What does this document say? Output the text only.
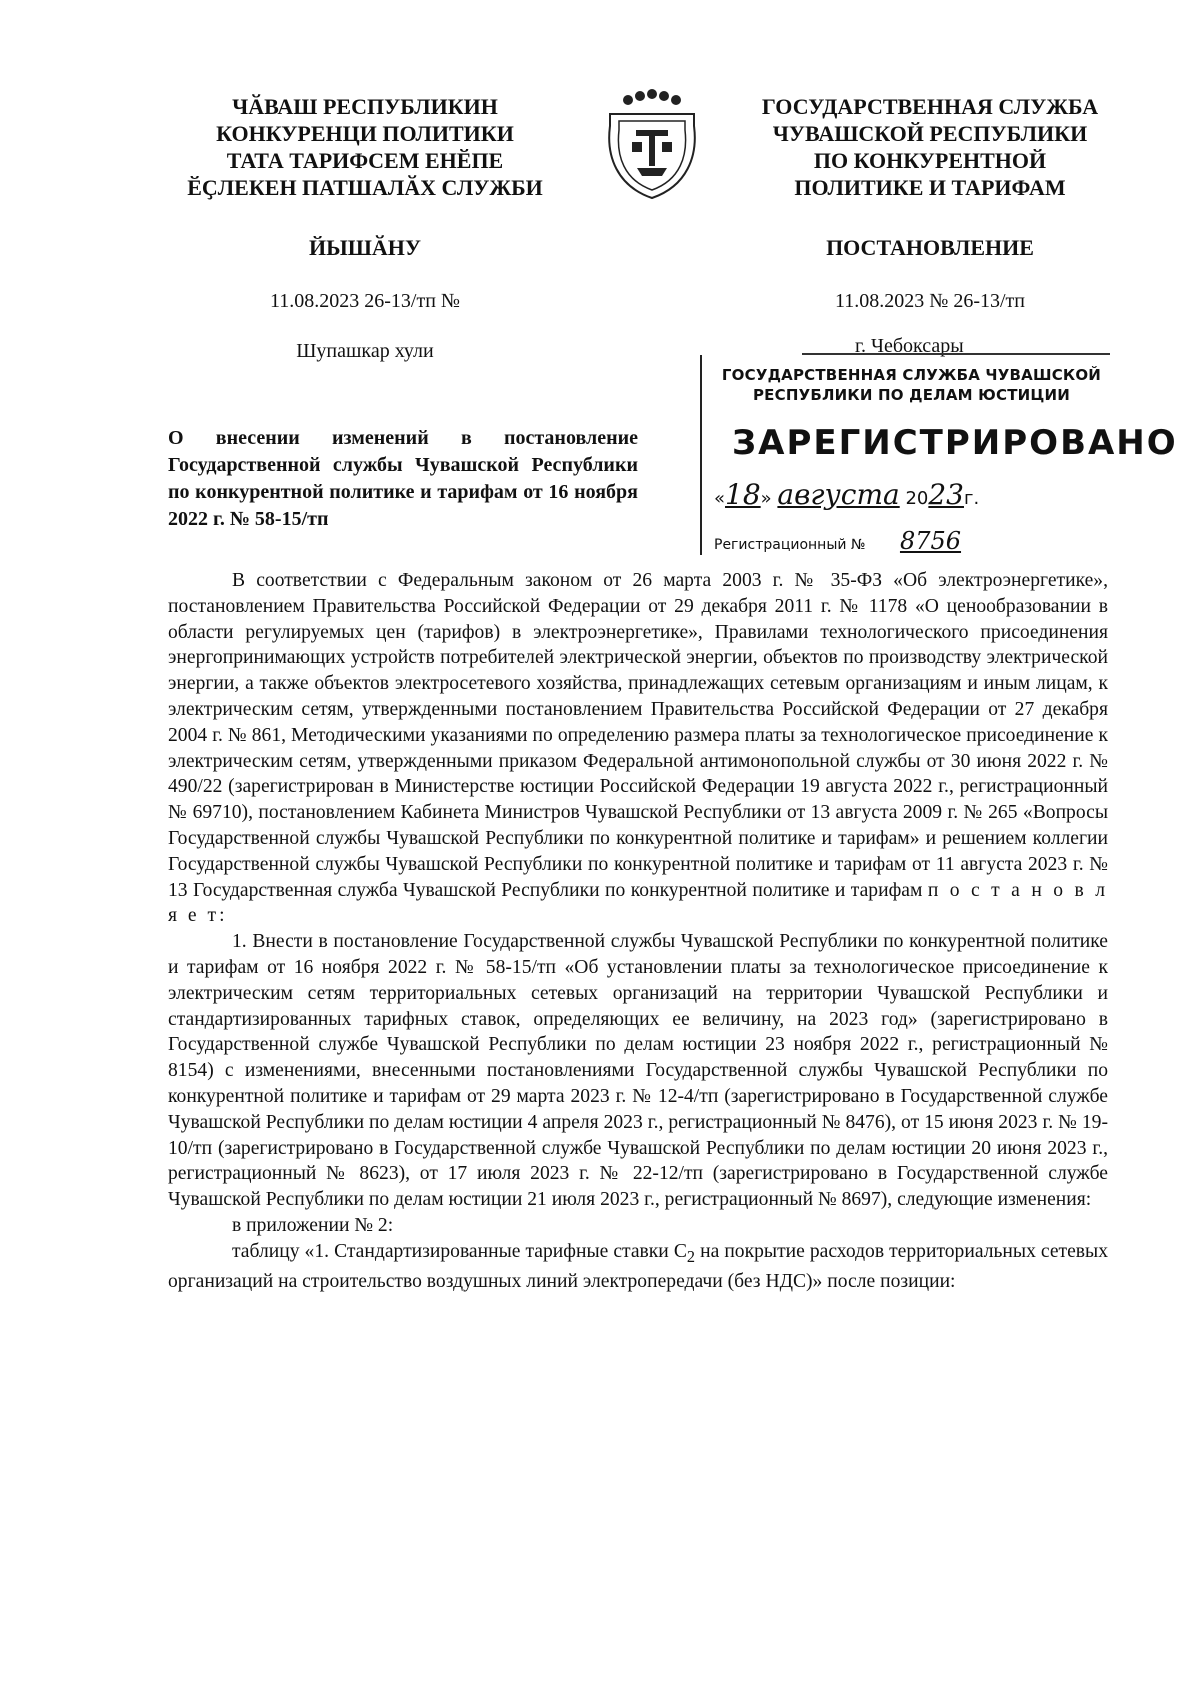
ЧӐВАШ РЕСПУБЛИКИН
КОНКУРЕНЦИ ПОЛИТИКИ
ТАТА ТАРИФСЕМ ЕНӖПЕ
ӖҪЛЕКЕН ПАТШАЛӐХ СЛУЖБИ
ГОСУДАРСТВЕННАЯ СЛУЖБА
ЧУВАШСКОЙ РЕСПУБЛИКИ
ПО КОНКУРЕНТНОЙ
ПОЛИТИКЕ И ТАРИФАМ
ЙЫШӐНУ	ПОСТАНОВЛЕНИЕ
11.08.2023 26-13/тп №	11.08.2023 № 26-13/тп
Шупашкар хули	г. Чебоксары
О внесении изменений в постановление Государственной службы Чувашской Республики по конкурентной политике и тарифам от 16 ноября 2022 г. № 58-15/тп
ГОСУДАРСТВЕННАЯ СЛУЖБА ЧУВАШСКОЙ
РЕСПУБЛИКИ ПО ДЕЛАМ ЮСТИЦИИ
ЗАРЕГИСТРИРОВАНО
«18» августа 2023г.
Регистрационный № 8756

В соответствии с Федеральным законом от 26 марта 2003 г. № 35-ФЗ «Об электроэнергетике», постановлением Правительства Российской Федерации от 29 декабря 2011 г. № 1178 «О ценообразовании в области регулируемых цен (тарифов) в электроэнергетике», Правилами технологического присоединения энергопринимающих устройств потребителей электрической энергии, объектов по производству электрической энергии, а также объектов электросетевого хозяйства, принадлежащих сетевым организациям и иным лицам, к электрическим сетям, утвержденными постановлением Правительства Российской Федерации от 27 декабря 2004 г. № 861, Методическими указаниями по определению размера платы за технологическое присоединение к электрическим сетям, утвержденными приказом Федеральной антимонопольной службы от 30 июня 2022 г. № 490/22 (зарегистрирован в Министерстве юстиции Российской Федерации 19 августа 2022 г., регистрационный № 69710), постановлением Кабинета Министров Чувашской Республики от 13 августа 2009 г. № 265 «Вопросы Государственной службы Чувашской Республики по конкурентной политике и тарифам» и решением коллегии Государственной службы Чувашской Республики по конкурентной политике и тарифам от 11 августа 2023 г. № 13 Государственная служба Чувашской Республики по конкурентной политике и тарифам п о с т а н о в л я е т:

1. Внести в постановление Государственной службы Чувашской Республики по конкурентной политике и тарифам от 16 ноября 2022 г. № 58-15/тп «Об установлении платы за технологическое присоединение к электрическим сетям территориальных сетевых организаций на территории Чувашской Республики и стандартизированных тарифных ставок, определяющих ее величину, на 2023 год» (зарегистрировано в Государственной службе Чувашской Республики по делам юстиции 23 ноября 2022 г., регистрационный № 8154) с изменениями, внесенными постановлениями Государственной службы Чувашской Республики по конкурентной политике и тарифам от 29 марта 2023 г. № 12-4/тп (зарегистрировано в Государственной службе Чувашской Республики по делам юстиции 4 апреля 2023 г., регистрационный № 8476), от 15 июня 2023 г. № 19-10/тп (зарегистрировано в Государственной службе Чувашской Республики по делам юстиции 20 июня 2023 г., регистрационный № 8623), от 17 июля 2023 г. № 22-12/тп (зарегистрировано в Государственной службе Чувашской Республики по делам юстиции 21 июля 2023 г., регистрационный № 8697), следующие изменения:

в приложении № 2:

таблицу «1. Стандартизированные тарифные ставки $С_2$ на покрытие расходов территориальных сетевых организаций на строительство воздушных линий электропередачи (без НДС)» после позиции:
